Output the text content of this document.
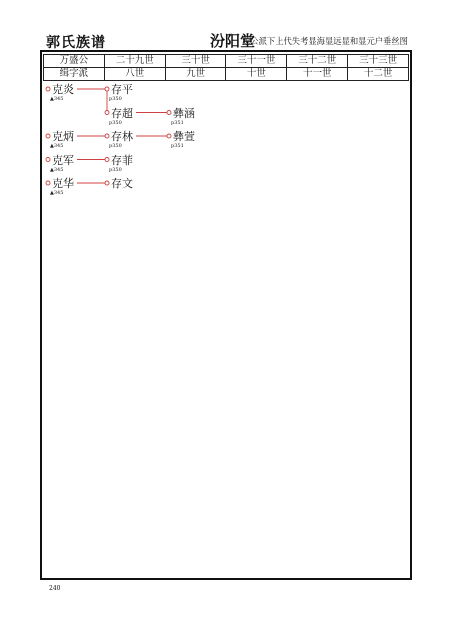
郭氏族谱	汾阳堂
源公派下上代失考显海显远显和显元户垂丝图
万盛公	二十九世	三十世	三十一世	三十二世	三十三世
缉字派	八世	九世	十世	十一世	十二世
克炎
▲345
存平
p350
存超
p350
彝涵
p351
克炳
▲345
存林
p350
彝萱
p351
克军
▲345
存菲
p350
克华
▲345
存文
240
